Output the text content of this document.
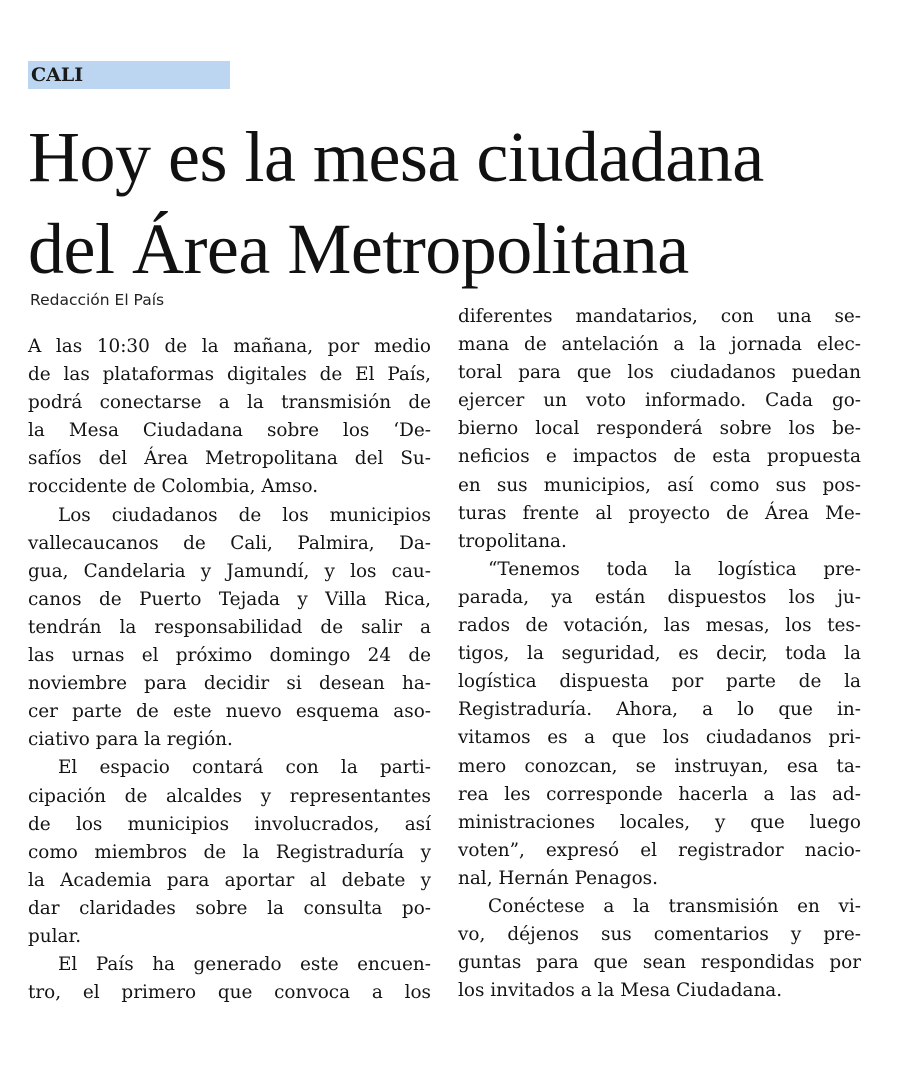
CALI
Hoy es la mesa ciudadana
del Área Metropolitana
Redacción El País

A las 10:30 de la mañana, por medio
de las plataformas digitales de El País,
podrá conectarse a la transmisión de
la Mesa Ciudadana sobre los ‘De-
safíos del Área Metropolitana del Su-
roccidente de Colombia, Amso.

Los ciudadanos de los municipios
vallecaucanos de Cali, Palmira, Da-
gua, Candelaria y Jamundí, y los cau-
canos de Puerto Tejada y Villa Rica,
tendrán la responsabilidad de salir a
las urnas el próximo domingo 24 de
noviembre para decidir si desean ha-
cer parte de este nuevo esquema aso-
ciativo para la región.

El espacio contará con la parti-
cipación de alcaldes y representantes
de los municipios involucrados, así
como miembros de la Registraduría y
la Academia para aportar al debate y
dar claridades sobre la consulta po-
pular.

El País ha generado este encuen-
tro, el primero que convoca a los

diferentes mandatarios, con una se-
mana de antelación a la jornada elec-
toral para que los ciudadanos puedan
ejercer un voto informado. Cada go-
bierno local responderá sobre los be-
neficios e impactos de esta propuesta
en sus municipios, así como sus pos-
turas frente al proyecto de Área Me-
tropolitana.

“Tenemos toda la logística pre-
parada, ya están dispuestos los ju-
rados de votación, las mesas, los tes-
tigos, la seguridad, es decir, toda la
logística dispuesta por parte de la
Registraduría. Ahora, a lo que in-
vitamos es a que los ciudadanos pri-
mero conozcan, se instruyan, esa ta-
rea les corresponde hacerla a las ad-
ministraciones locales, y que luego
voten”, expresó el registrador nacio-
nal, Hernán Penagos.

Conéctese a la transmisión en vi-
vo, déjenos sus comentarios y pre-
guntas para que sean respondidas por
los invitados a la Mesa Ciudadana.
